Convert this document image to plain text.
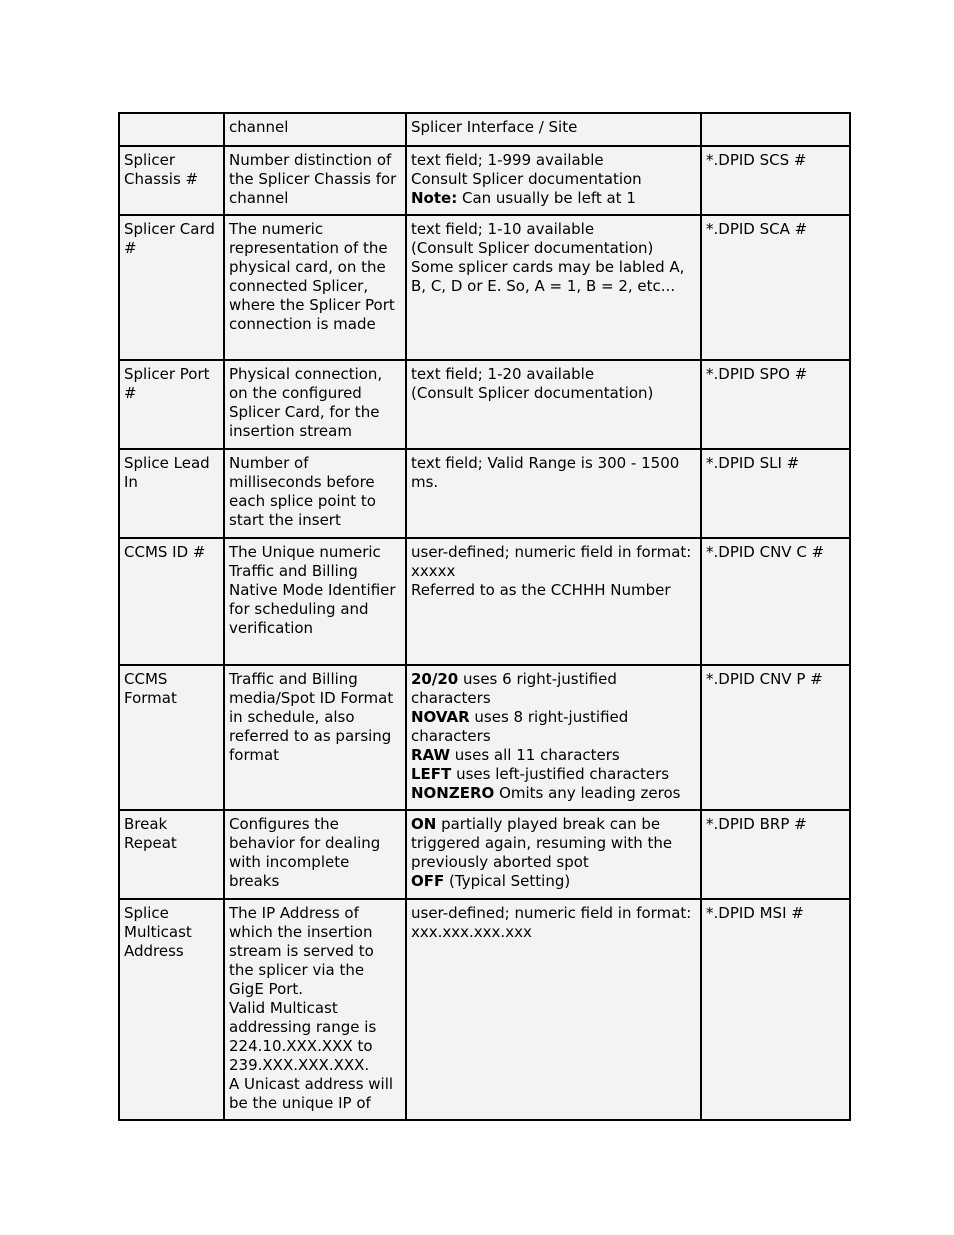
	channel	Splicer Interface / Site	

Splicer Chassis #	Number distinction of the Splicer Chassis for channel	text field; 1-999 available
Consult Splicer documentation
Note: Can usually be left at 1	*.DPID SCS #

Splicer Card #	The numeric representation of the physical card, on the connected Splicer, where the Splicer Port connection is made	text field; 1-10 available
(Consult Splicer documentation)
Some splicer cards may be labled A, B, C, D or E. So, A = 1, B = 2, etc...	*.DPID SCA #

Splicer Port #	Physical connection, on the configured Splicer Card, for the insertion stream	text field; 1-20 available
(Consult Splicer documentation)	*.DPID SPO #

Splice Lead In	Number of milliseconds before each splice point to start the insert	text field; Valid Range is 300 - 1500 ms.	*.DPID SLI #

CCMS ID #	The Unique numeric Traffic and Billing Native Mode Identifier for scheduling and verification	user-defined; numeric field in format: xxxxx
Referred to as the CCHHH Number	*.DPID CNV C #

CCMS Format	Traffic and Billing media/Spot ID Format in schedule, also referred to as parsing format	20/20 uses 6 right-justified characters
NOVAR uses 8 right-justified characters
RAW uses all 11 characters
LEFT uses left-justified characters
NONZERO Omits any leading zeros	*.DPID CNV P #

Break Repeat	Configures the behavior for dealing with incomplete breaks	ON partially played break can be triggered again, resuming with the previously aborted spot
OFF (Typical Setting)	*.DPID BRP #

Splice Multicast Address	The IP Address of which the insertion stream is served to the splicer via the GigE Port.
Valid Multicast addressing range is 224.10.XXX.XXX to 239.XXX.XXX.XXX.
A Unicast address will be the unique IP of	user-defined; numeric field in format: xxx.xxx.xxx.xxx	*.DPID MSI #
